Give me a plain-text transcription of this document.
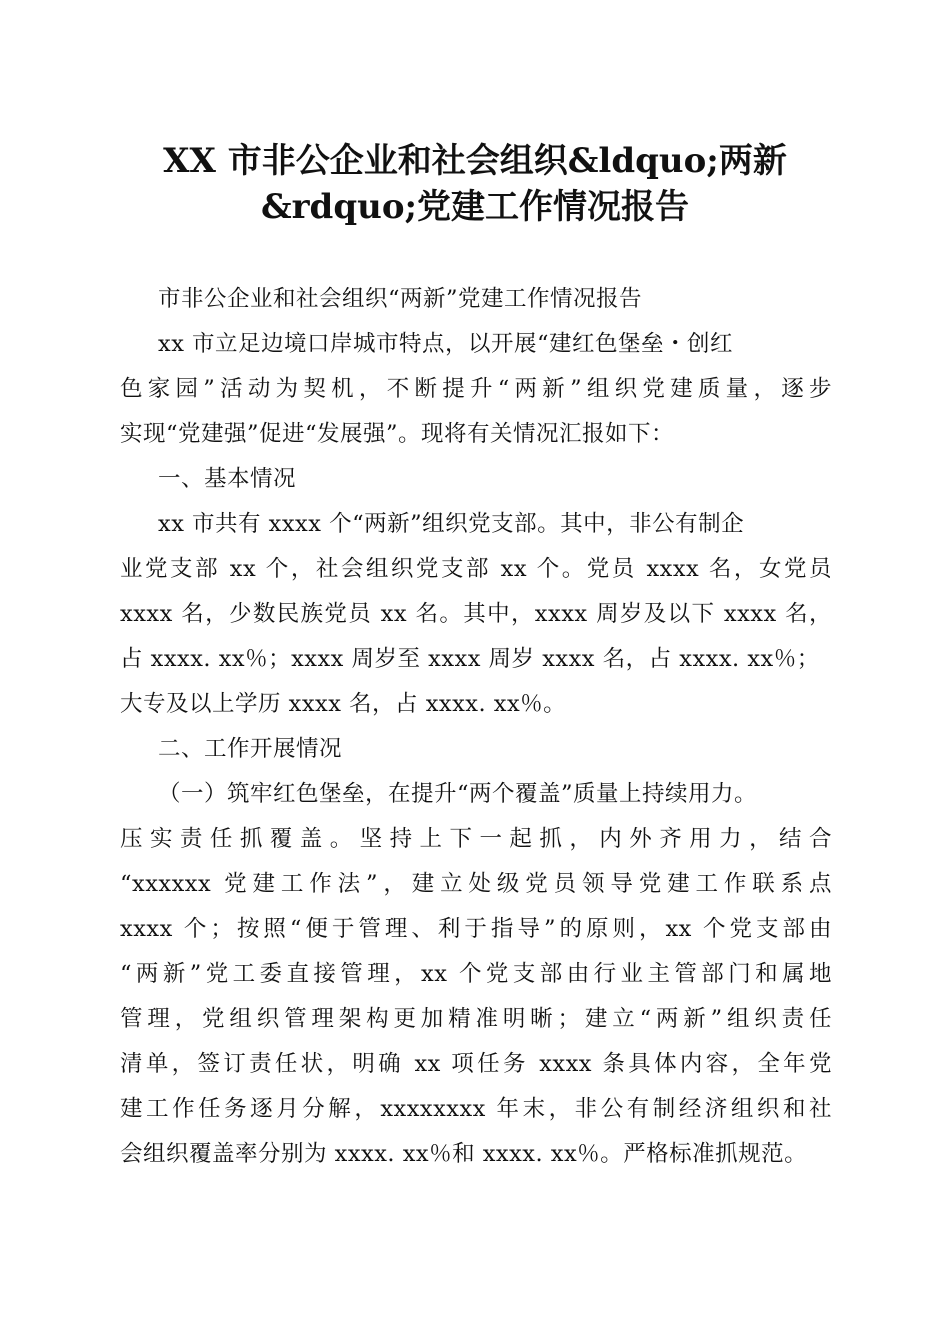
XX 市非公企业和社会组织&ldquo;两新
&rdquo;党建工作情况报告
市非公企业和社会组织“两新”党建工作情况报告
xx 市立足边境口岸城市特点，以开展“建红色堡垒・创红
色家园”活动为契机，不断提升“两新”组织党建质量，逐步
实现“党建强”促进“发展强”。现将有关情况汇报如下：
一、基本情况
xx 市共有 xxxx 个“两新”组织党支部。其中，非公有制企
业党支部 xx 个，社会组织党支部 xx 个。党员 xxxx 名，女党员
xxxx 名，少数民族党员 xx 名。其中，xxxx 周岁及以下 xxxx 名，
占 xxxx. xx％；xxxx 周岁至 xxxx 周岁 xxxx 名，占 xxxx. xx％；
大专及以上学历 xxxx 名，占 xxxx. xx％。
二、工作开展情况
（一）筑牢红色堡垒，在提升“两个覆盖”质量上持续用力。
压实责任抓覆盖。坚持上下一起抓，内外齐用力，结合
“xxxxxx 党建工作法”，建立处级党员领导党建工作联系点
xxxx 个；按照“便于管理、利于指导”的原则，xx 个党支部由
“两新”党工委直接管理，xx 个党支部由行业主管部门和属地
管理，党组织管理架构更加精准明晰；建立“两新”组织责任
清单，签订责任状，明确 xx 项任务 xxxx 条具体内容，全年党
建工作任务逐月分解，xxxxxxxx 年末，非公有制经济组织和社
会组织覆盖率分别为 xxxx. xx％和 xxxx. xx％。严格标准抓规范。
